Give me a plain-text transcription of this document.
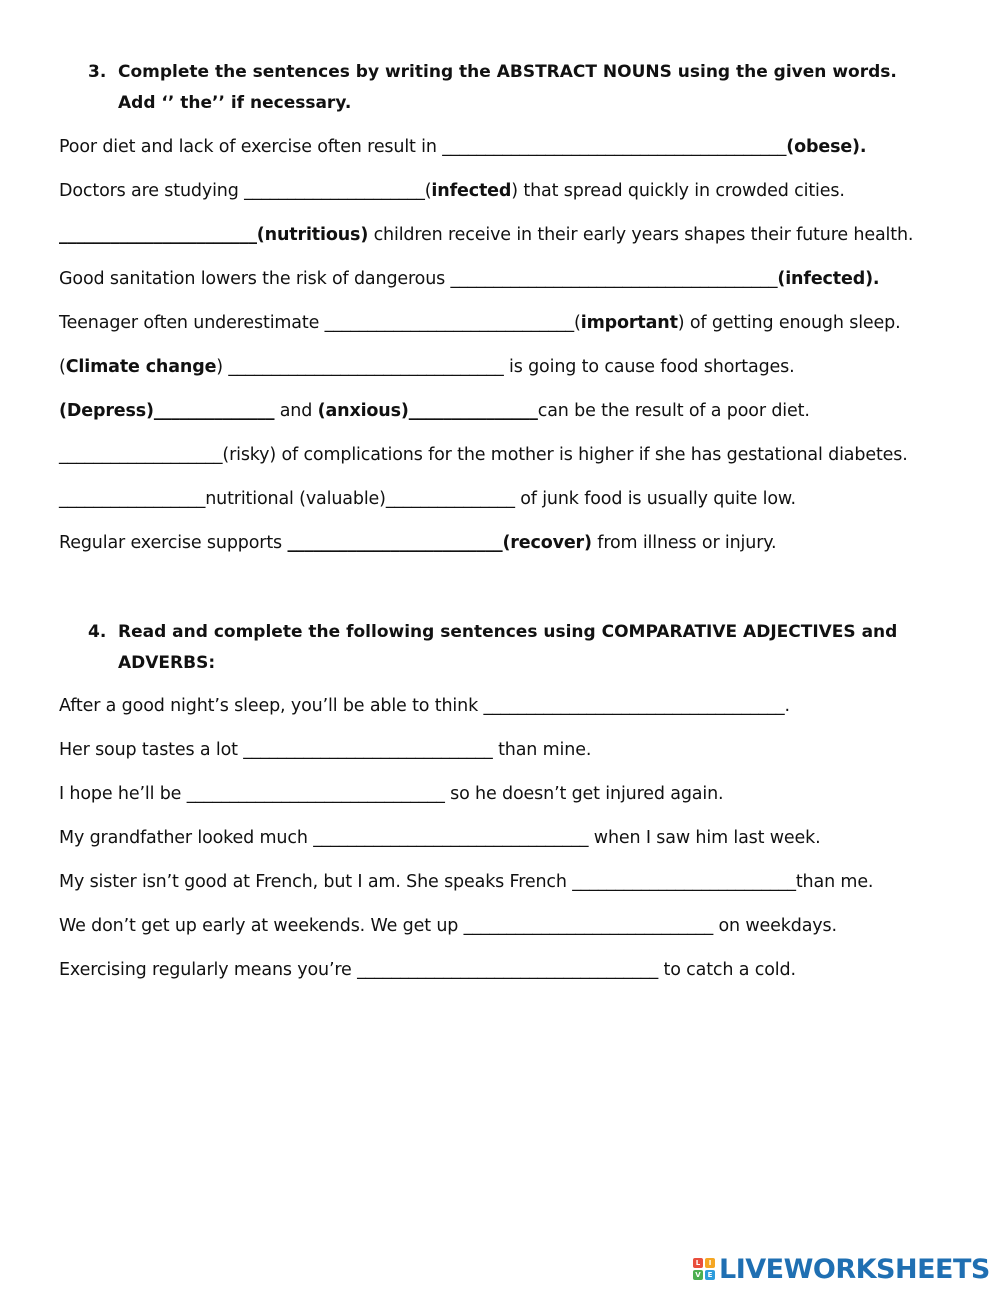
3. Complete the sentences by writing the ABSTRACT NOUNS using the given words. Add ‘’ the’’ if necessary.
Poor diet and lack of exercise often result in ________________________________________(obese).
Doctors are studying _____________________(infected) that spread quickly in crowded cities.
_______________________(nutritious) children receive in their early years shapes their future health.
Good sanitation lowers the risk of dangerous ______________________________________(infected).
Teenager often underestimate _____________________________(important) of getting enough sleep.
(Climate change) ________________________________ is going to cause food shortages.
(Depress)______________ and (anxious)_______________can be the result of a poor diet.
___________________(risky) of complications for the mother is higher if she has gestational diabetes.
_________________nutritional (valuable)_______________ of junk food is usually quite low.
Regular exercise supports _________________________(recover) from illness or injury.
4. Read and complete the following sentences using COMPARATIVE ADJECTIVES and ADVERBS:
After a good night’s sleep, you’ll be able to think ___________________________________.
Her soup tastes a lot _____________________________ than mine.
I hope he’ll be ______________________________ so he doesn’t get injured again.
My grandfather looked much ________________________________ when I saw him last week.
My sister isn’t good at French, but I am. She speaks French __________________________than me.
We don’t get up early at weekends. We get up _____________________________ on weekdays.
Exercising regularly means you’re ___________________________________ to catch a cold.
L	I
V E LIVEWORKSHEETS
